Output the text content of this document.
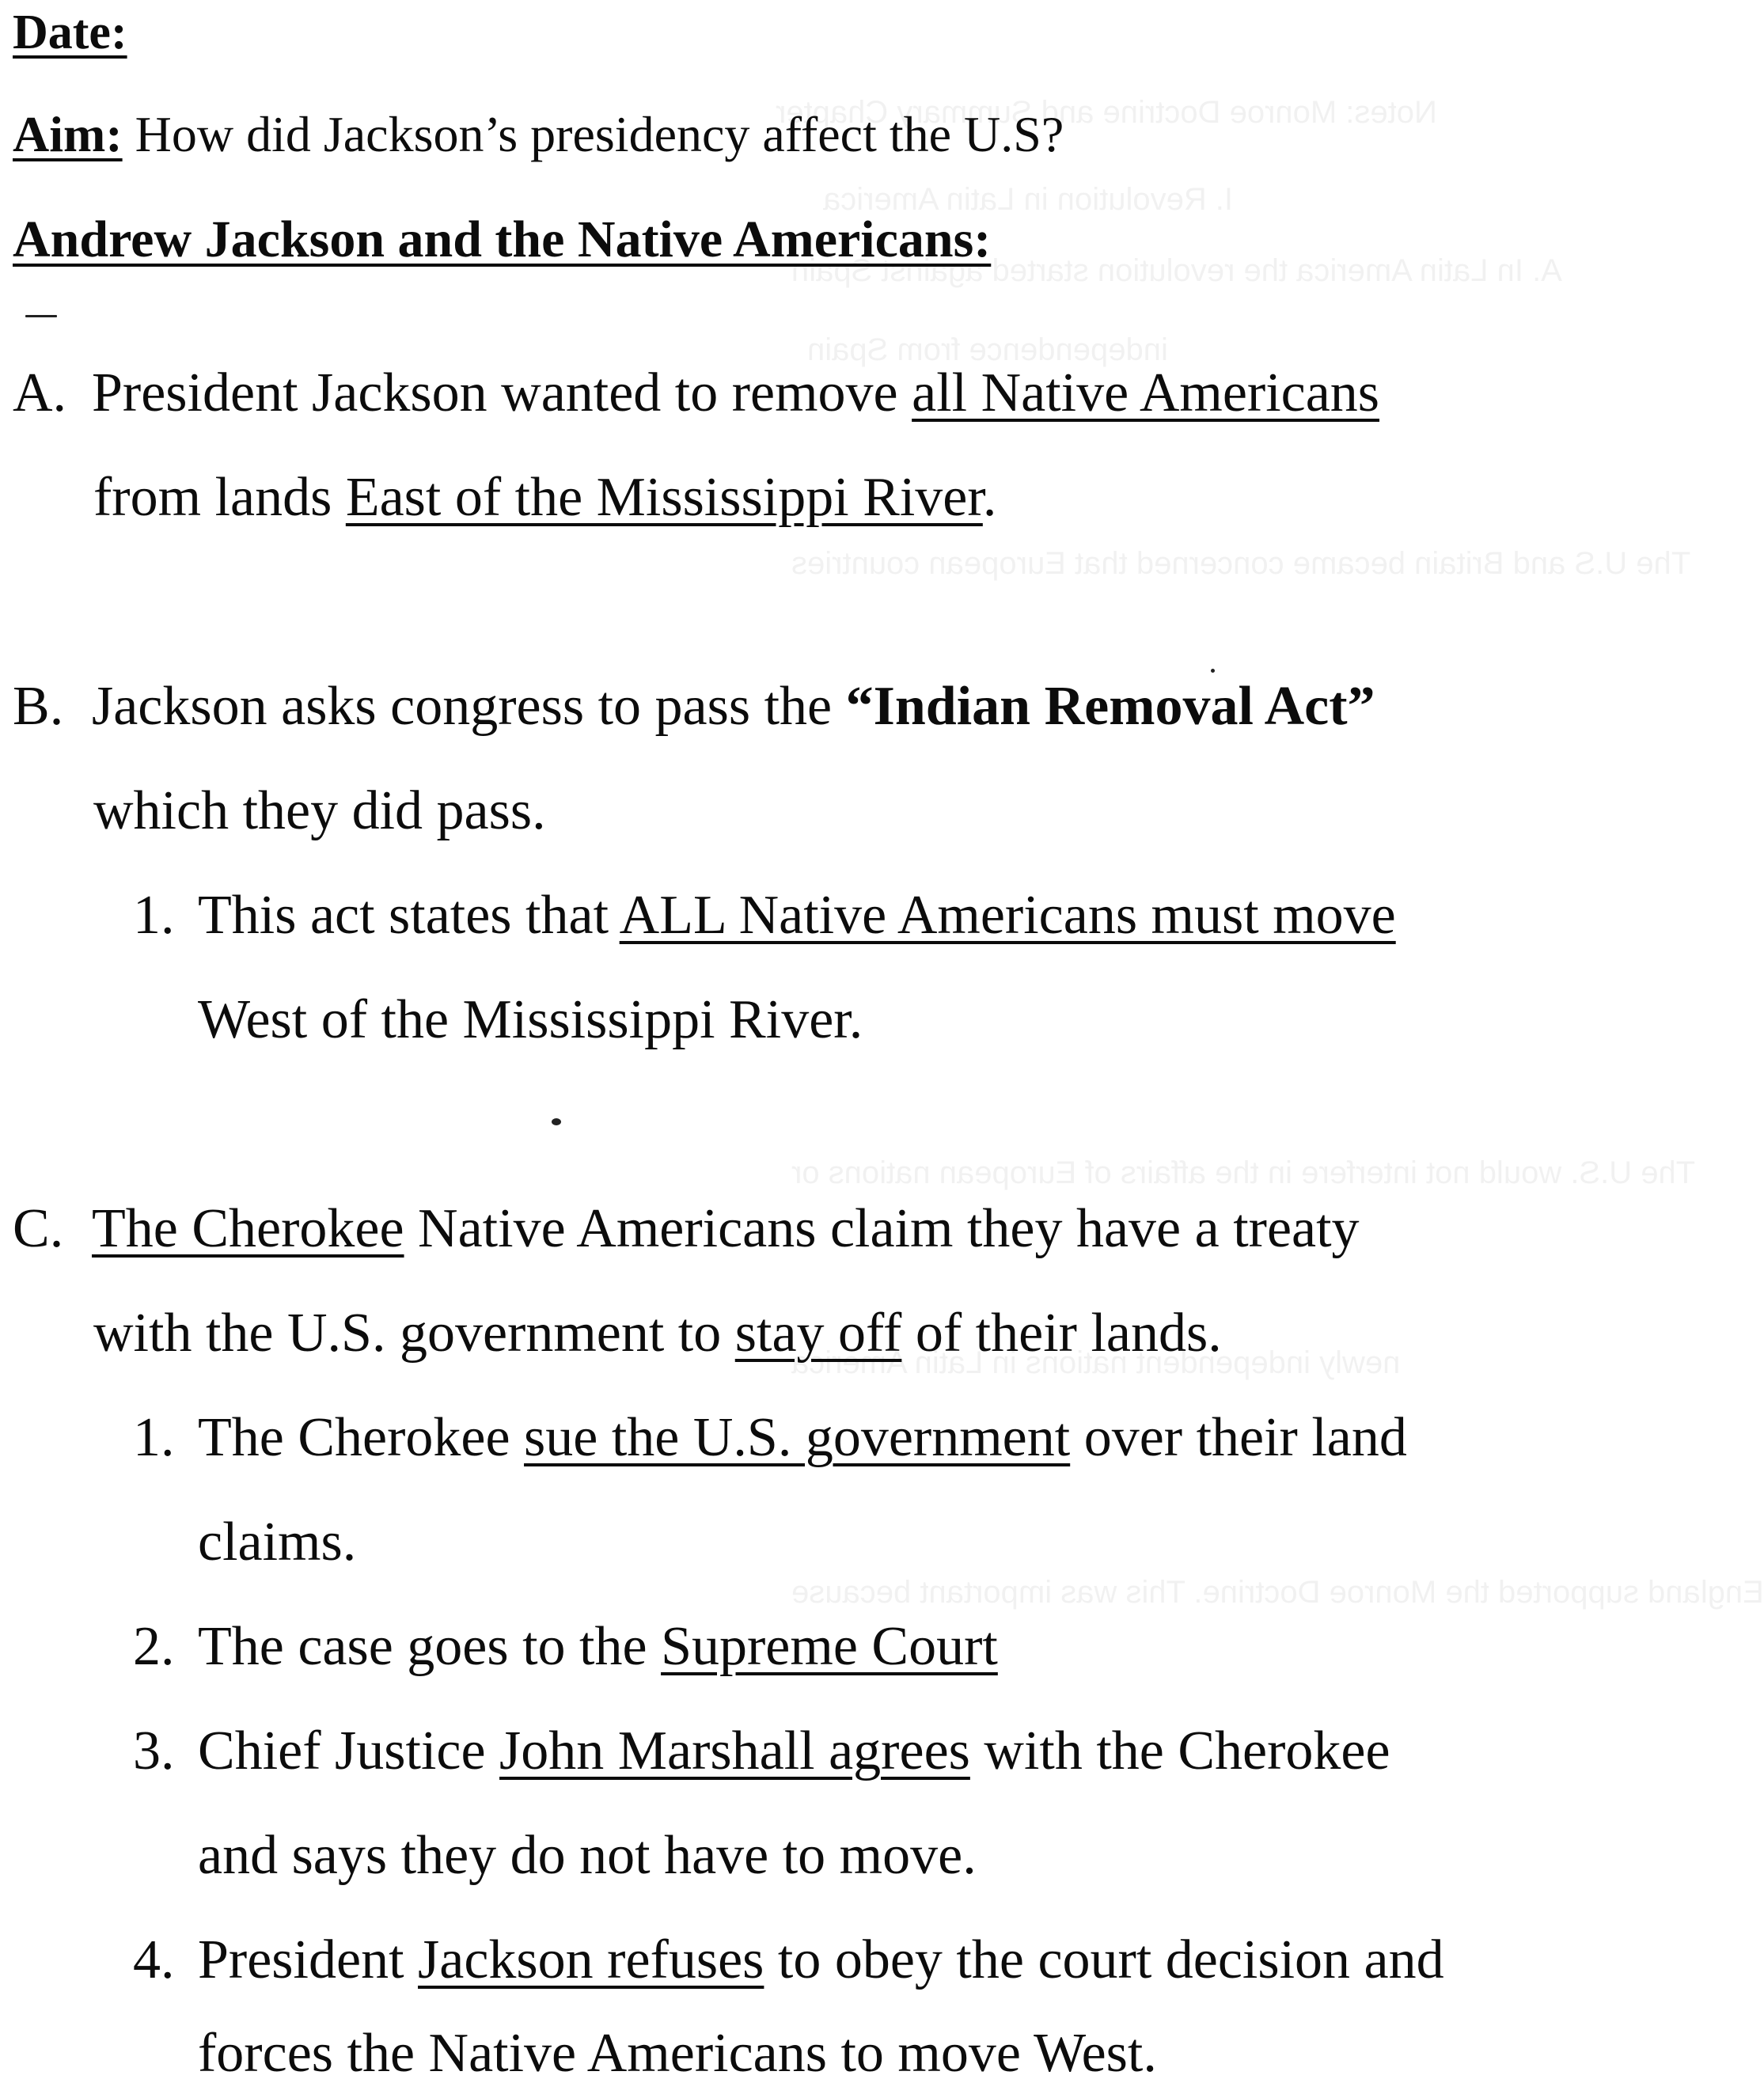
Notes: Monroe Doctrine and Summary Chapter
I. Revolution in Latin America
A. In Latin America the revolution started against Spain
independence from Spain
The U.S and Britain became concerned that European countries
The U.S. would not interfere in the affairs of European nations or
newly independent nations in Latin America
England supported the Monroe Doctrine. This was important because
Date:
Aim: How did Jackson’s presidency affect the U.S?
Andrew Jackson and the Native Americans:
A. President Jackson wanted to remove all Native Americans
from lands East of the Mississippi River.
B. Jackson asks congress to pass the “Indian Removal Act”
which they did pass.
1. This act states that ALL Native Americans must move
West of the Mississippi River.
C. The Cherokee Native Americans claim they have a treaty
with the U.S. government to stay off of their lands.
1. The Cherokee sue the U.S. government over their land
claims.
2. The case goes to the Supreme Court
3. Chief Justice John Marshall agrees with the Cherokee
and says they do not have to move.
4. President Jackson refuses to obey the court decision and
forces the Native Americans to move West.
